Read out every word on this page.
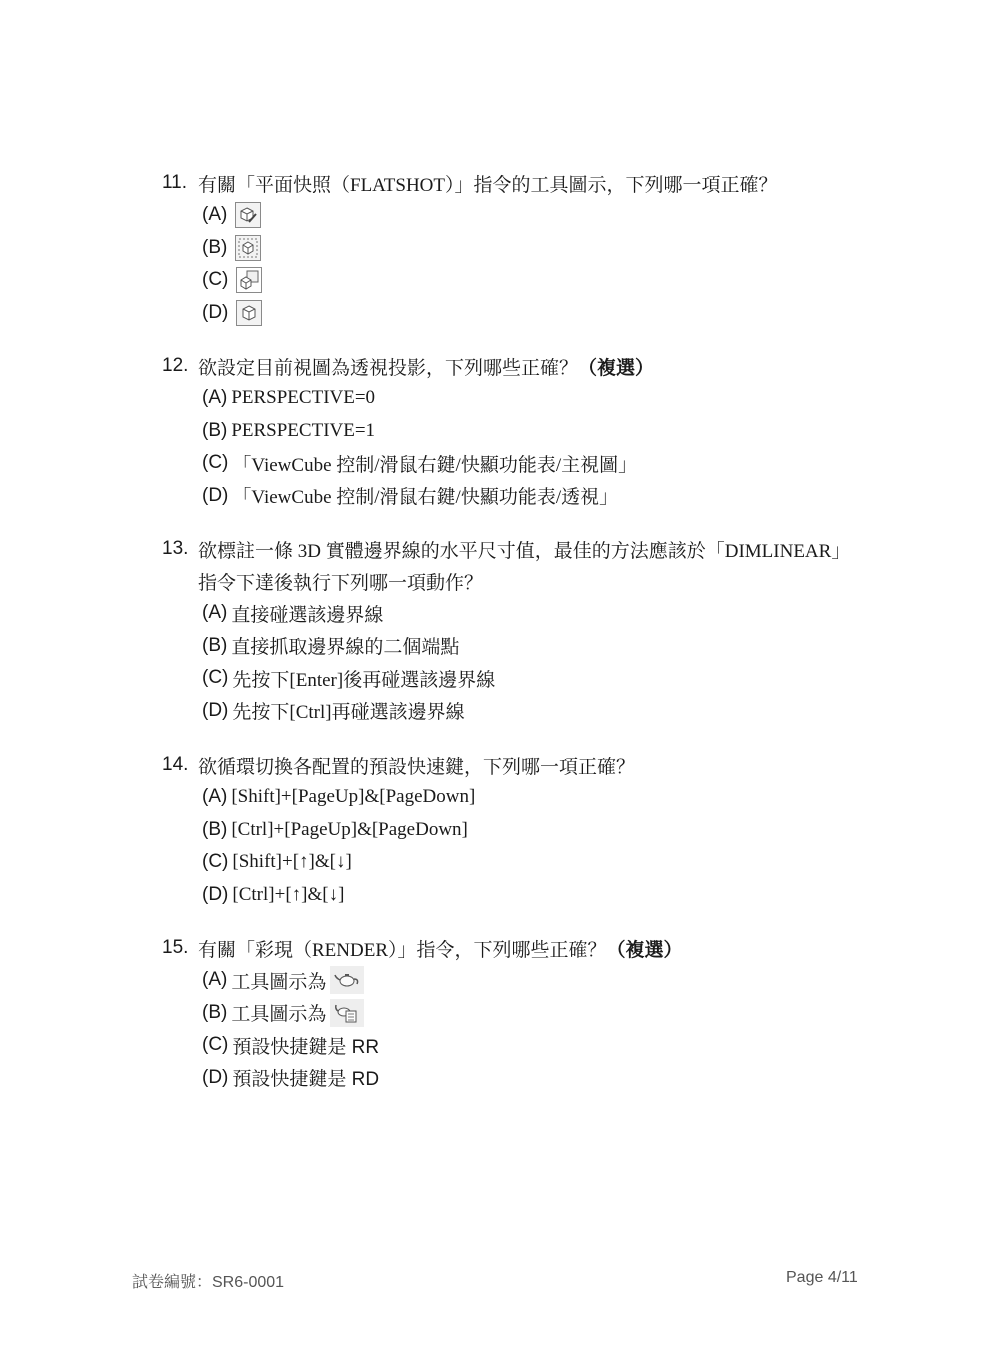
11. 有關「平面快照（FLATSHOT）」指令的工具圖示，下列哪一項正確？
(A)
(B)
(C)
(D)
12. 欲設定目前視圖為透視投影，下列哪些正確？ （複選）
(A) PERSPECTIVE=0
(B) PERSPECTIVE=1
(C) 「ViewCube 控制/滑鼠右鍵/快顯功能表/主視圖」
(D) 「ViewCube 控制/滑鼠右鍵/快顯功能表/透視」
13. 欲標註一條 3D 實體邊界線的水平尺寸值，最佳的方法應該於「DIMLINEAR」
指令下達後執行下列哪一項動作？
(A) 直接碰選該邊界線
(B) 直接抓取邊界線的二個端點
(C) 先按下[Enter]後再碰選該邊界線
(D) 先按下[Ctrl]再碰選該邊界線
14. 欲循環切換各配置的預設快速鍵，下列哪一項正確？
(A) [Shift]+[PageUp]&[PageDown]
(B) [Ctrl]+[PageUp]&[PageDown]
(C) [Shift]+[↑]&[↓]
(D) [Ctrl]+[↑]&[↓]
15. 有關「彩現（RENDER）」指令，下列哪些正確？ （複選）
(A) 工具圖示為
(B) 工具圖示為
(C) 預設快捷鍵是 RR
(D) 預設快捷鍵是 RD
試卷編號：SR6-0001	Page 4/11
